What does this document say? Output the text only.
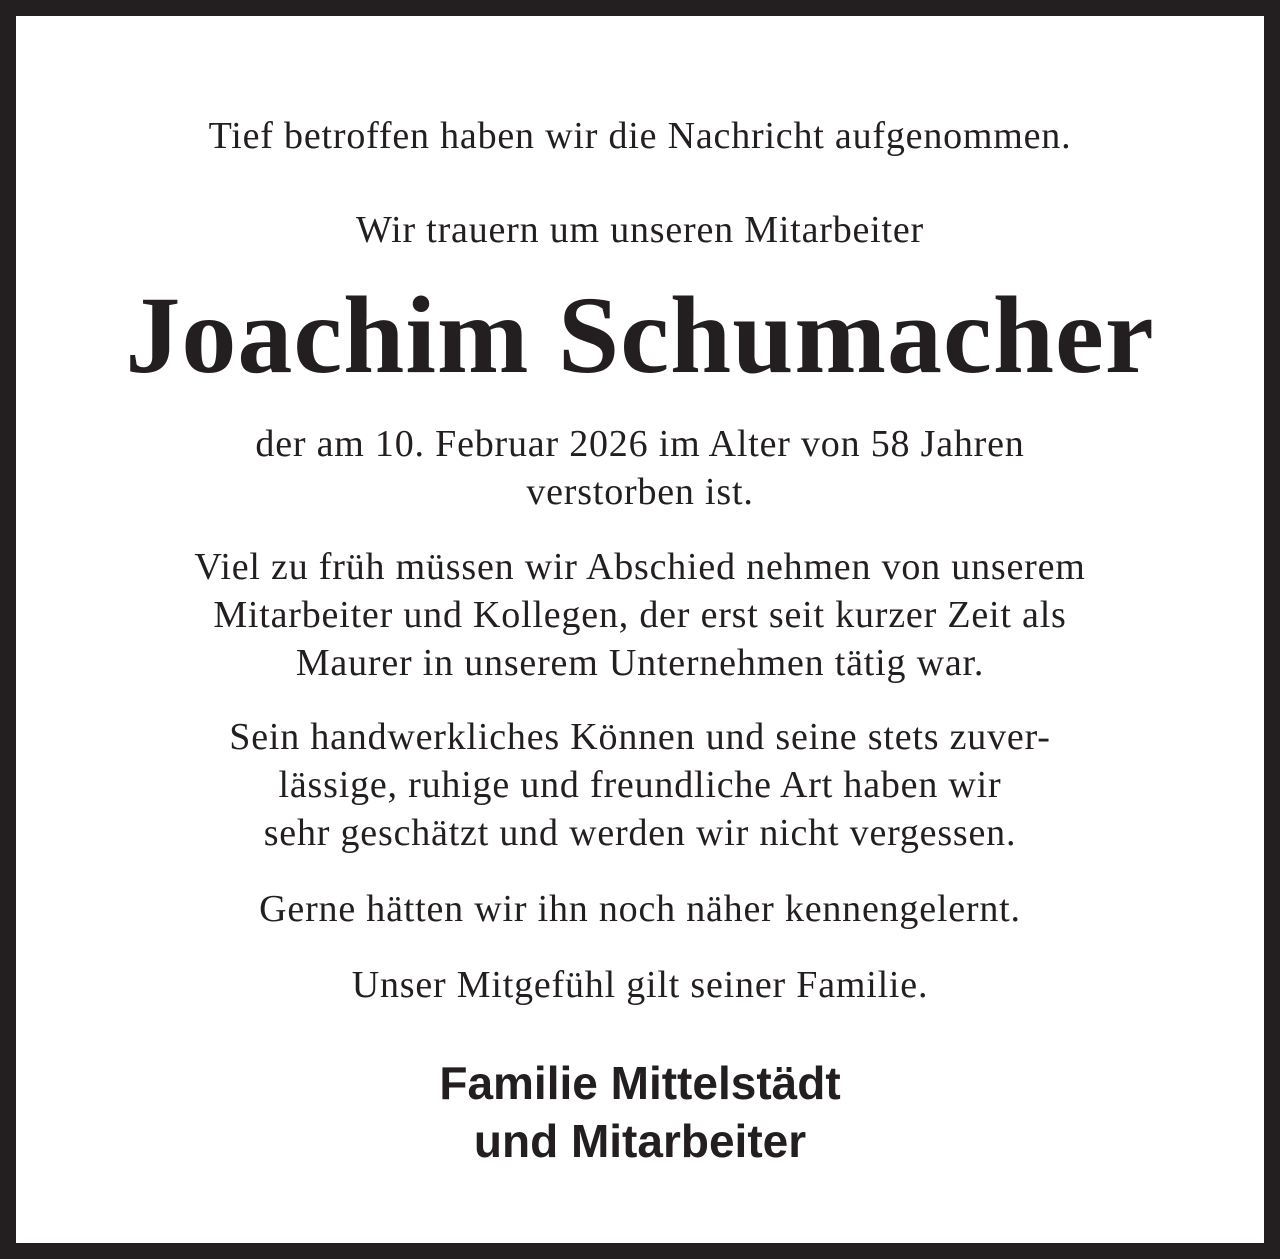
Tief betroffen haben wir die Nachricht aufgenommen.

Wir trauern um unseren Mitarbeiter

Joachim Schumacher

der am 10. Februar 2026 im Alter von 58 Jahren
verstorben ist.

Viel zu früh müssen wir Abschied nehmen von unserem
Mitarbeiter und Kollegen, der erst seit kurzer Zeit als
Maurer in unserem Unternehmen tätig war.

Sein handwerkliches Können und seine stets zuver-
lässige, ruhige und freundliche Art haben wir
sehr geschätzt und werden wir nicht vergessen.

Gerne hätten wir ihn noch näher kennengelernt.

Unser Mitgefühl gilt seiner Familie.

Familie Mittelstädt
und Mitarbeiter
